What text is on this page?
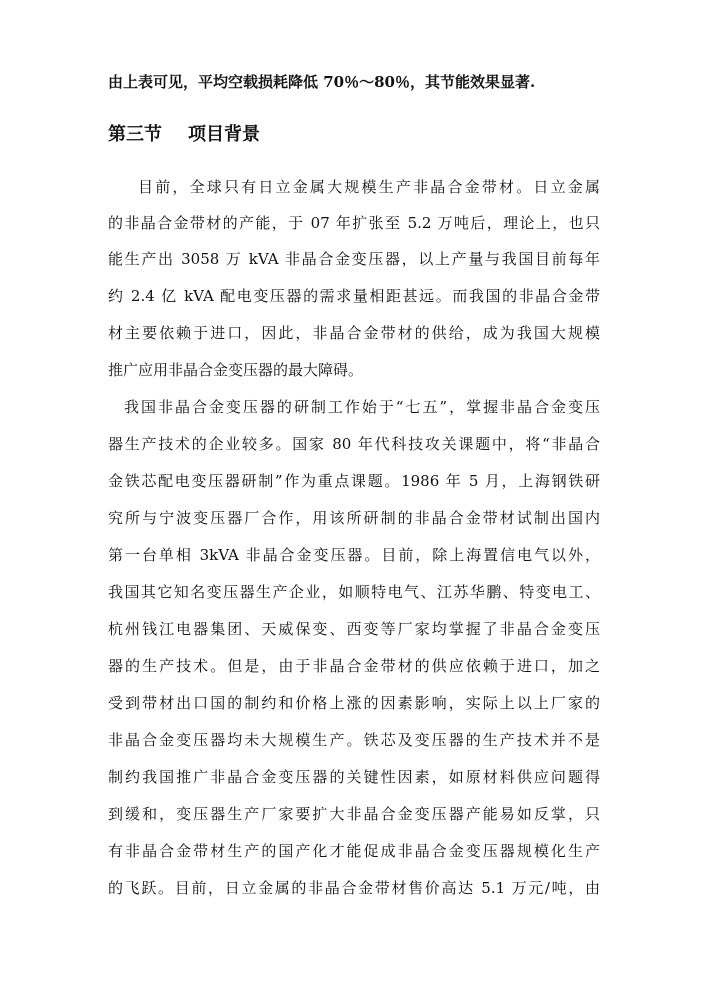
由上表可见，平均空载损耗降低 70％～80％，其节能效果显著.
第三节 项目背景
目前，全球只有日立金属大规模生产非晶合金带材。日立金属
的非晶合金带材的产能，于 07 年扩张至 5.2 万吨后，理论上，也只
能生产出 3058 万 kVA 非晶合金变压器，以上产量与我国目前每年
约 2.4 亿 kVA 配电变压器的需求量相距甚远。而我国的非晶合金带
材主要依赖于进口，因此，非晶合金带材的供给，成为我国大规模
推广应用非晶合金变压器的最大障碍。
我国非晶合金变压器的研制工作始于“七五”，掌握非晶合金变压
器生产技术的企业较多。国家 80 年代科技攻关课题中，将“非晶合
金铁芯配电变压器研制”作为重点课题。1986 年 5 月，上海钢铁研
究所与宁波变压器厂合作，用该所研制的非晶合金带材试制出国内
第一台单相 3kVA 非晶合金变压器。目前，除上海置信电气以外，
我国其它知名变压器生产企业，如顺特电气、江苏华鹏、特变电工、
杭州钱江电器集团、天威保变、西变等厂家均掌握了非晶合金变压
器的生产技术。但是，由于非晶合金带材的供应依赖于进口，加之
受到带材出口国的制约和价格上涨的因素影响，实际上以上厂家的
非晶合金变压器均未大规模生产。铁芯及变压器的生产技术并不是
制约我国推广非晶合金变压器的关键性因素，如原材料供应问题得
到缓和，变压器生产厂家要扩大非晶合金变压器产能易如反掌，只
有非晶合金带材生产的国产化才能促成非晶合金变压器规模化生产
的飞跃。目前，日立金属的非晶合金带材售价高达 5.1 万元/吨，由
